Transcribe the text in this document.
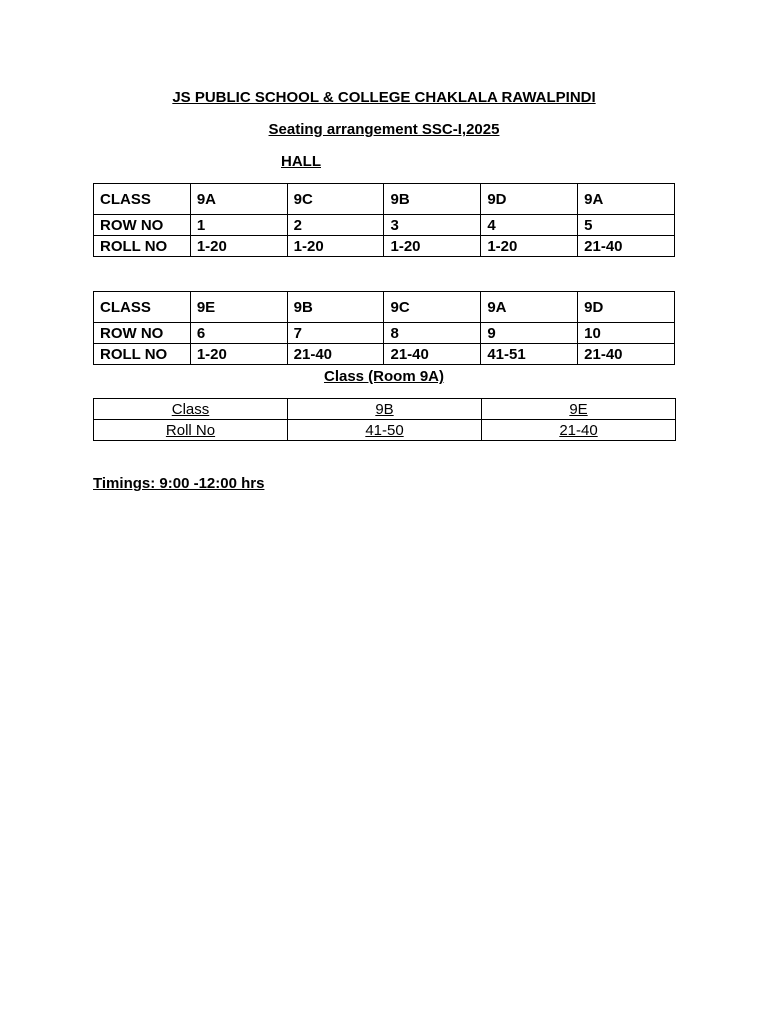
JS PUBLIC SCHOOL & COLLEGE CHAKLALA RAWALPINDI
Seating arrangement SSC-I,2025
HALL
CLASS	9A	9C	9B	9D	9A
ROW NO	1	2	3	4	5
ROLL NO	1-20	1-20	1-20	1-20	21-40
CLASS	9E	9B	9C	9A	9D
ROW NO	6	7	8	9	10
ROLL NO	1-20	21-40	21-40	41-51	21-40
Class (Room 9A)
Class	9B	9E
Roll No	41-50	21-40
Timings: 9:00 -12:00 hrs
